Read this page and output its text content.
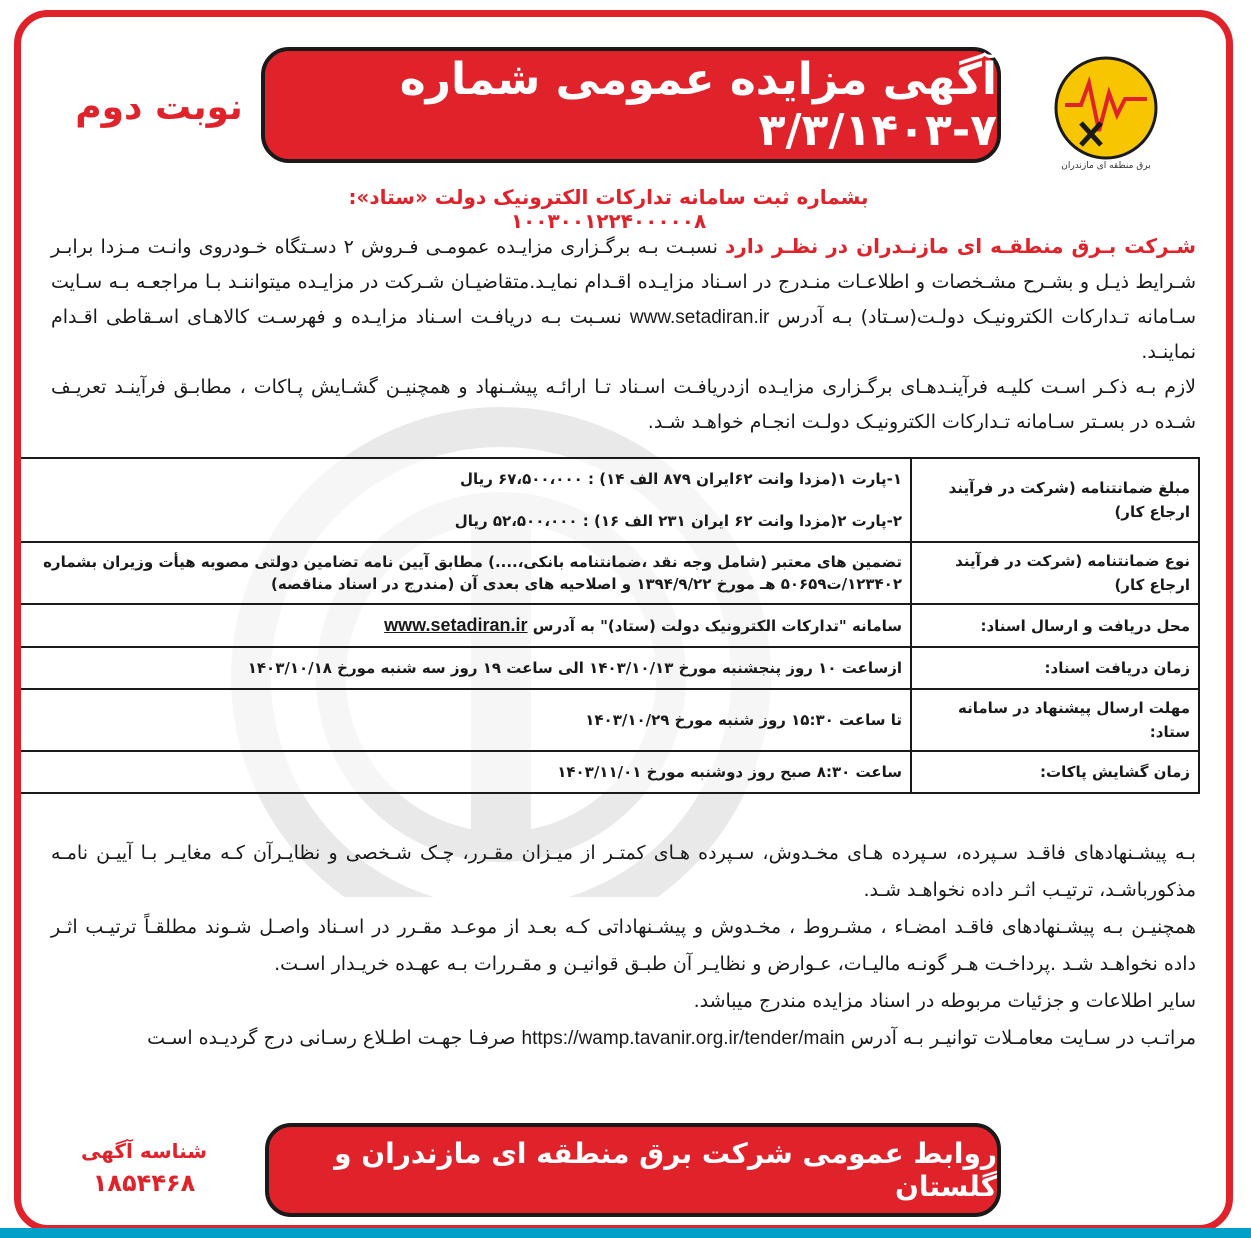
نوبت دوم
آگهی مزایده عمومی شماره ۷-۳/۳/۱۴۰۳
برق منطقه ای مازندران
بشماره ثبت سامانه تدارکات الکترونیک دولت «ستاد»: ۱۰۰۳۰۰۱۲۲۴۰۰۰۰۰۸
شـرکت بـرق منطقـه ای مازنـدران در نظـر دارد نسبـت بـه برگـزاری مزایـده عمومـی فـروش ۲ دسـتگاه خـودروی وانـت مـزدا برابـر شـرایط ذیـل و بشـرح مشـخصات و اطلاعـات منـدرج در اسـناد مزایـده اقـدام نمایـد.متقاضیـان شـرکت در مزایـده میتواننـد بـا مراجعـه بـه سـایت سـامانه تـدارکات الکترونیـک دولـت(سـتاد) بـه آدرس www.setadiran.ir نسـبت بـه دریافـت اسـناد مزایـده و فهرسـت کالاهـای اسـقاطی اقـدام نماینـد.
لازم بـه ذکـر اسـت کلیـه فرآینـدهـای برگـزاری مزایـده ازدریافـت اسـناد تـا ارائـه پیشـنهاد و همچنیـن گشـایش پـاکات ، مطابـق فرآینـد تعریـف شـده در بسـتر سـامانه تـدارکات الکترونیـک دولـت انجـام خواهـد شـد.
مبلغ ضمانتنامه (شرکت در فرآیند ارجاع کار)	۱-پارت ۱(مزدا وانت ۶۲ایران ۸۷۹ الف ۱۴) : ۶۷،۵۰۰،۰۰۰ ریال
۲-پارت ۲(مزدا وانت ۶۲ ایران ۲۳۱ الف ۱۶) : ۵۲،۵۰۰،۰۰۰ ریال

نوع ضمانتنامه (شرکت در فرآیند ارجاع کار)	تضمین های معتبر (شامل وجه نقد ،ضمانتنامه بانکی،....) مطابق آیین نامه تضامین دولتی مصوبه هیأت وزیران بشماره ۱۲۳۴۰۲/ت۵۰۶۵۹ هـ مورخ ۱۳۹۴/۹/۲۲ و اصلاحیه های بعدی آن (مندرج در اسناد مناقصه)
محل دریافت و ارسال اسناد:	سامانه "تدارکات الکترونیک دولت (ستاد)" به آدرس www.setadiran.ir
زمان دریافت اسناد:	ازساعت ۱۰ روز پنجشنبه مورخ ۱۴۰۳/۱۰/۱۳ الی ساعت ۱۹ روز سه شنبه مورخ ۱۴۰۳/۱۰/۱۸
مهلت ارسال پیشنهاد در سامانه ستاد:	تا ساعت ۱۵:۳۰ روز شنبه مورخ ۱۴۰۳/۱۰/۲۹
زمان گشایش پاکات:	ساعت ۸:۳۰ صبح روز دوشنبه مورخ ۱۴۰۳/۱۱/۰۱
بـه پیشـنهادهای فاقـد سـپرده، سـپرده هـای مخـدوش، سـپرده هـای کمتـر از میـزان مقـرر، چـک شـخصی و نظایـرآن کـه مغایـر بـا آییـن نامـه مذکورباشـد، ترتیـب اثـر داده نخواهـد شـد.
همچنیـن بـه پیشـنهادهای فاقـد امضـاء ، مشـروط ، مخـدوش و پیشـنهاداتی کـه بعـد از موعـد مقـرر در اسـناد واصـل شـوند مطلقـاً ترتیـب اثـر داده نخواهـد شـد .پرداخـت هـر گونـه مالیـات، عـوارض و نظایـر آن طبـق قوانیـن و مقـررات بـه عهـده خریـدار اسـت.
سایر اطلاعات و جزئیات مربوطه در اسناد مزایده مندرج میباشد.
مراتـب در سـایت معامـلات توانیـر بـه آدرس https://wamp.tavanir.org.ir/tender/main صرفـا جهـت اطـلاع رسـانی درج گردیـده اسـت
شناسه آگهی
۱۸۵۴۴۶۸
روابط عمومی شرکت برق منطقه ای مازندران و گلستان
